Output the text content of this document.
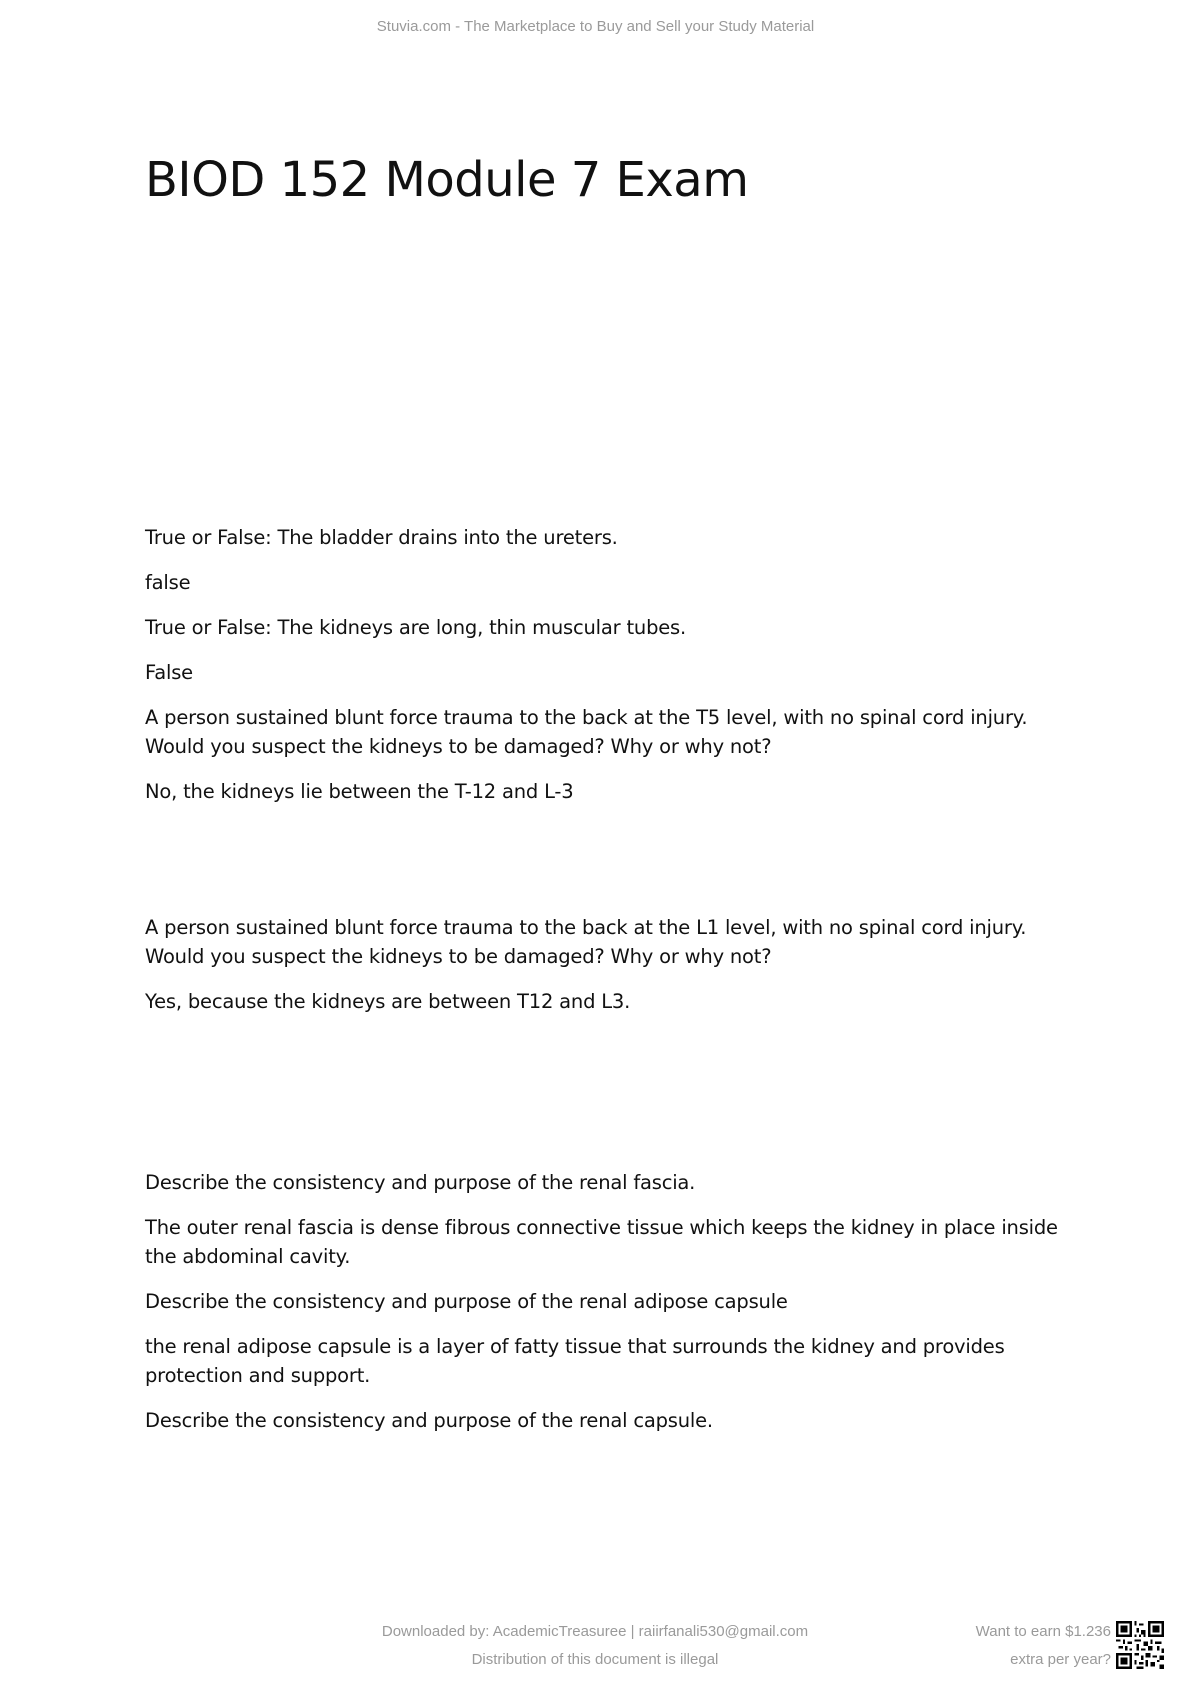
Stuvia.com - The Marketplace to Buy and Sell your Study Material
BIOD 152 Module 7 Exam
True or False: The bladder drains into the ureters.
false
True or False: The kidneys are long, thin muscular tubes.
False
A person sustained blunt force trauma to the back at the T5 level, with no spinal cord injury. Would you suspect the kidneys to be damaged? Why or why not?
No, the kidneys lie between the T-12 and L-3
A person sustained blunt force trauma to the back at the L1 level, with no spinal cord injury. Would you suspect the kidneys to be damaged? Why or why not?
Yes, because the kidneys are between T12 and L3.
Describe the consistency and purpose of the renal fascia.
The outer renal fascia is dense fibrous connective tissue which keeps the kidney in place inside the abdominal cavity.
Describe the consistency and purpose of the renal adipose capsule
the renal adipose capsule is a layer of fatty tissue that surrounds the kidney and provides protection and support.
Describe the consistency and purpose of the renal capsule.
Downloaded by: AcademicTreasuree | raiirfanali530@gmail.com
Distribution of this document is illegal
Want to earn $1.236
extra per year?
